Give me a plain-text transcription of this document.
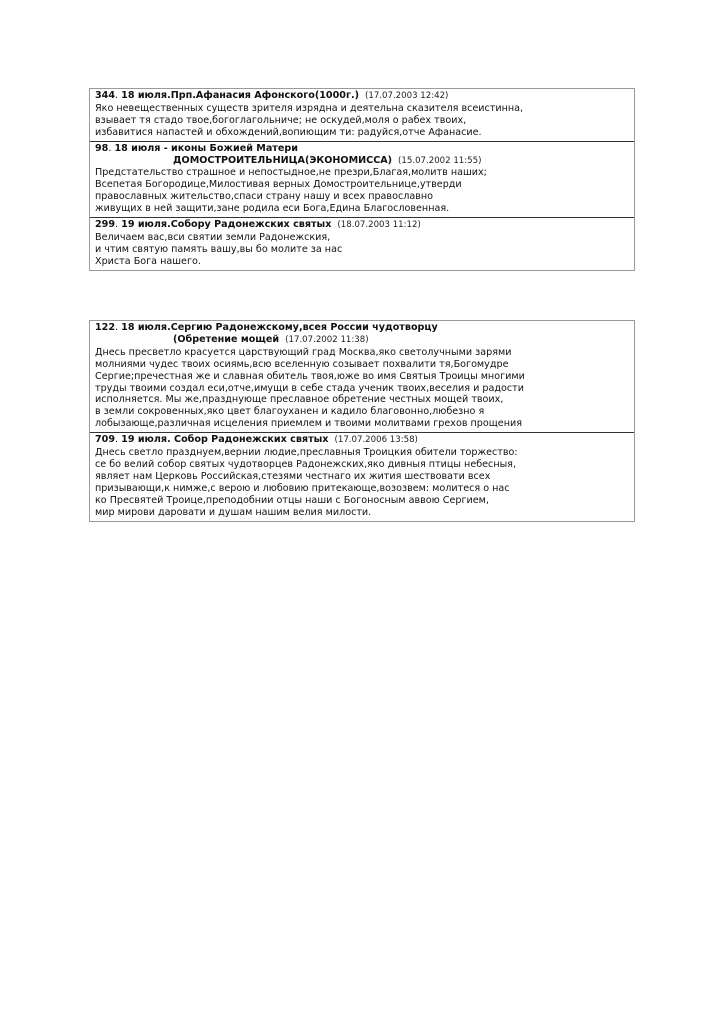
344. 18 июля.Прп.Афанасия Афонского(1000г.) (17.07.2003 12:42)
Яко невещественных существ зрителя изрядна и деятельна сказителя всеистинна,
взывает тя стадо твое,богоглагольниче; не оскудей,моля о рабех твоих,
избавитися напастей и обхождений,вопиющим ти: радуйся,отче Афанасие.
98. 18 июля - иконы Божией Матери
ДОМОСТРОИТЕЛЬНИЦА(ЭКОНОМИССА) (15.07.2002 11:55)
Предстательство страшное и непостыдное,не презри,Благая,молитв наших;
Всепетая Богородице,Милостивая верных Домостроительнице,утверди
православных жительство,спаси страну нашу и всех православно
живущих в ней защити,зане родила еси Бога,Едина Благословенная.
299. 19 июля.Собору Радонежских святых (18.07.2003 11:12)
Величаем вас,вси святии земли Радонежския,
и чтим святую память вашу,вы бо молите за нас
Христа Бога нашего.
122. 18 июля.Сергию Радонежскому,всея России чудотворцу
(Обретение мощей (17.07.2002 11:38)
Днесь пресветло красуется царствующий град Москва,яко светолучными зарями
молниями чудес твоих осиямь,всю вселенную созывает похвалити тя,Богомудре
Сергие;пречестная же и славная обитель твоя,юже во имя Святыя Троицы многими
труды твоими создал еси,отче,имущи в себе стада ученик твоих,веселия и радости
исполняется. Мы же,празднующе преславное обретение честных мощей твоих,
в земли сокровенных,яко цвет благоуханен и кадило благовонно,любезно я
лобызающе,различная исцеления приемлем и твоими молитвами грехов прощения
709. 19 июля. Собор Радонежских святых (17.07.2006 13:58)
Днесь светло празднуем,вернии людие,преславныя Троицкия обители торжество:
се бо велий собор святых чудотворцев Радонежских,яко дивныя птицы небесныя,
являет нам Церковь Российская,стезями честнаго их жития шествовати всех
призывающи,к нимже,с верою и любовию притекающе,возозвем: молитеся о нас
ко Пресвятей Троице,преподобнии отцы наши с Богоносным аввою Сергием,
мир мирови даровати и душам нашим велия милости.
